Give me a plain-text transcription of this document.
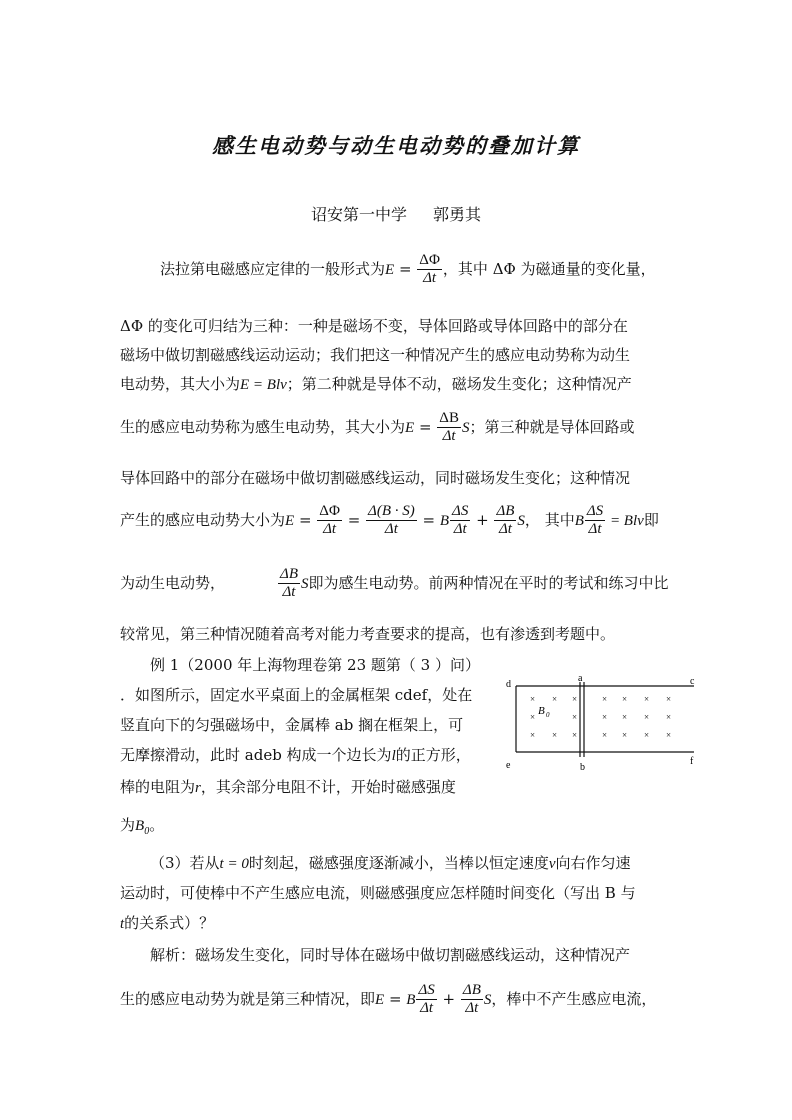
感生电动势与动生电动势的叠加计算
诏安第一中学 郭勇其
法拉第电磁感应定律的一般形式为$E = \frac{\Delta\Phi}{\Delta t}$ ，其中 ΔΦ 为磁通量的变化量，
ΔΦ 的变化可归结为三种：一种是磁场不变，导体回路或导体回路中的部分在
磁场中做切割磁感线运动运动；我们把这一种情况产生的感应电动势称为动生
电动势，其大小为E = Blv；第二种就是导体不动，磁场发生变化；这种情况产
生的感应电动势称为感生电动势，其大小为$E = \frac{\Delta B}{\Delta t}$ S；第三种就是导体回路或
导体回路中的部分在磁场中做切割磁感线运动，同时磁场发生变化；这种情况
产生的感应电动势大小为$E = \frac{\Delta\Phi}{\Delta t} = \frac{\Delta(B \cdot S)}{\Delta t} = B \frac{\Delta S}{\Delta t} + \frac{\Delta B}{\Delta t}$ S， 其中B $\frac{\Delta S}{\Delta t}$ = Blv即
为动生电动势，	$\frac{\Delta B}{\Delta t}$ S即为感生电动势。前两种情况在平时的考试和练习中比
较常见，第三种情况随着高考对能力考查要求的提高，也有渗透到考题中。
例 1（2000 年上海物理卷第 23 题第（ 3 ）问）
．如图所示，固定水平桌面上的金属框架 cdef，处在
竖直向下的匀强磁场中，金属棒 ab 搁在框架上，可
无摩擦滑动，此时 adeb 构成一个边长为l的正方形，
棒的电阻为r，其余部分电阻不计，开始时磁感强度
为$B_0$。
× × ×	× × × ×
×	×	× × × ×
× × ×	× × × ×
d
a	c
e	b
f
B 0
（3）若从t = 0时刻起，磁感强度逐渐减小，当棒以恒定速度v向右作匀速
运动时，可使棒中不产生感应电流，则磁感强度应怎样随时间变化（写出 B 与
t的关系式）？
解析：磁场发生变化，同时导体在磁场中做切割磁感线运动，这种情况产
生的感应电动势为就是第三种情况，即E = B $\frac{\Delta S}{\Delta t} + \frac{\Delta B}{\Delta t}$ S，棒中不产生感应电流，
